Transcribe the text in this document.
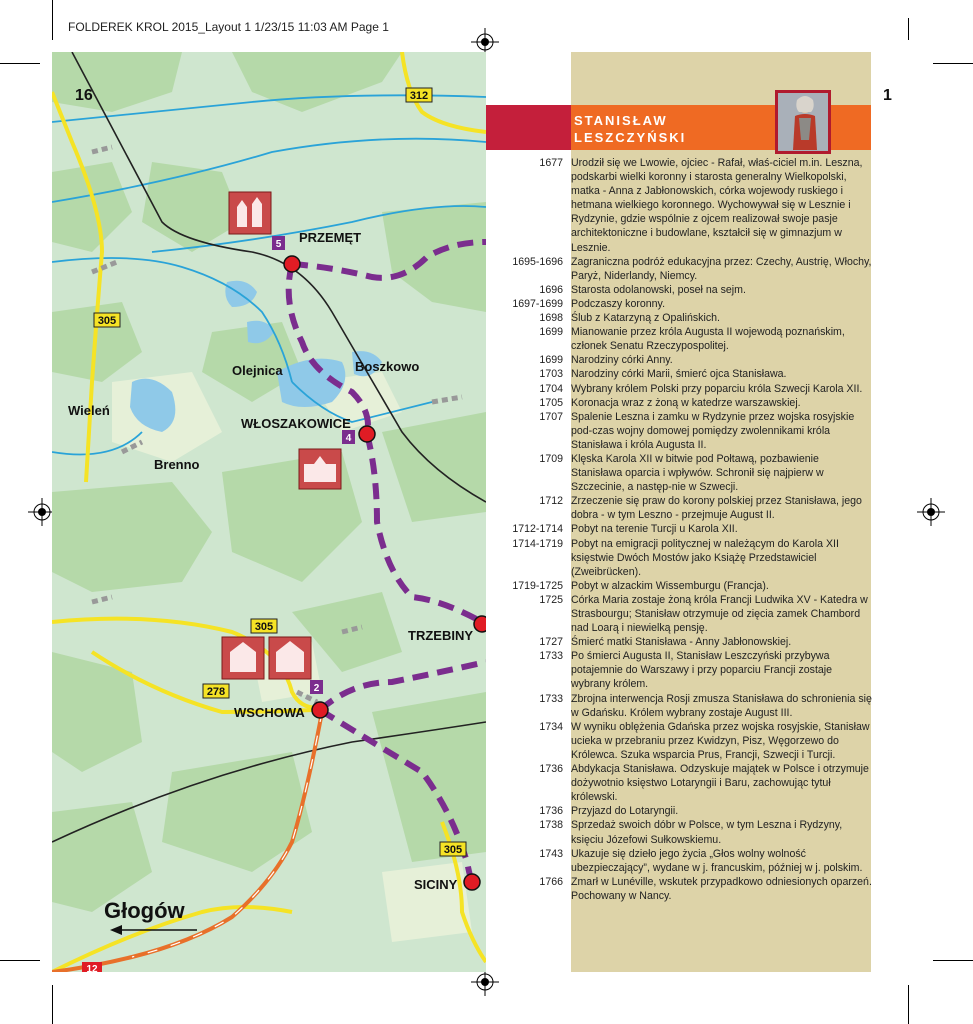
FOLDEREK KROL 2015_Layout 1 1/23/15 11:03 AM Page 1
5
4
2
312
305
305
278
305
12
PRZEMĘT
Olejnica	Boszkowo
Wieleń
WŁOSZAKOWICE
Brenno
TRZEBINY
WSCHOWA
SICINY
Głogów
16
STANISŁAW
LESZCZYŃSKI
1
1677 Urodził się we Lwowie, ojciec - Rafał, właś-ciciel m.in. Leszna, podskarbi wielki koronny i starosta generalny Wielkopolski, matka - Anna z Jabłonowskich, córka wojewody ruskiego i hetmana wielkiego koronnego. Wychowywał się w Lesznie i Rydzynie, gdzie wspólnie z ojcem realizował swoje pasje architektoniczne i budowlane, kształcił się w gimnazjum w Lesznie.
1695-1696 Zagraniczna podróż edukacyjna przez: Czechy, Austrię, Włochy, Paryż, Niderlandy, Niemcy.
1696 Starosta odolanowski, poseł na sejm.
1697-1699 Podczaszy koronny.
1698 Ślub z Katarzyną z Opalińskich.
1699 Mianowanie przez króla Augusta II wojewodą poznańskim, członek Senatu Rzeczypospolitej.
1699 Narodziny córki Anny.
1703 Narodziny córki Marii, śmierć ojca Stanisława.
1704 Wybrany królem Polski przy poparciu króla Szwecji Karola XII.
1705 Koronacja wraz z żoną w katedrze warszawskiej.
1707 Spalenie Leszna i zamku w Rydzynie przez wojska rosyjskie pod-czas wojny domowej pomiędzy zwolennikami króla Stanisława i króla Augusta II.
1709 Klęska Karola XII w bitwie pod Połtawą, pozbawienie Stanisława oparcia i wpływów. Schronił się najpierw w Szczecinie, a następ-nie w Szwecji.
1712 Zrzeczenie się praw do korony polskiej przez Stanisława, jego dobra - w tym Leszno - przejmuje August II.
1712-1714 Pobyt na terenie Turcji u Karola XII.
1714-1719 Pobyt na emigracji politycznej w należącym do Karola XII księstwie Dwóch Mostów jako Książę Przedstawiciel (Zweibrücken).
1719-1725 Pobyt w alzackim Wissemburgu (Francja).
1725 Córka Maria zostaje żoną króla Francji Ludwika XV - Katedra w Strasbourgu; Stanisław otrzymuje od zięcia zamek Chambord nad Loarą i niewielką pensję.
1727 Śmierć matki Stanisława - Anny Jabłonowskiej.
1733 Po śmierci Augusta II, Stanisław Leszczyński przybywa potajemnie do Warszawy i przy poparciu Francji zostaje wybrany królem.
1733 Zbrojna interwencja Rosji zmusza Stanisława do schronienia się w Gdańsku. Królem wybrany zostaje August III.
1734 W wyniku oblężenia Gdańska przez wojska rosyjskie, Stanisław ucieka w przebraniu przez Kwidzyn, Pisz, Węgorzewo do Królewca. Szuka wsparcia Prus, Francji, Szwecji i Turcji.
1736 Abdykacja Stanisława. Odzyskuje majątek w Polsce i otrzymuje dożywotnio księstwo Lotaryngii i Baru, zachowując tytuł królewski.
1736 Przyjazd do Lotaryngii.
1738 Sprzedaż swoich dóbr w Polsce, w tym Leszna i Rydzyny, księciu Józefowi Sułkowskiemu.
1743 Ukazuje się dzieło jego życia „Głos wolny wolność ubezpieczający”, wydane w j. francuskim, później w j. polskim.
1766 Zmarł w Lunéville, wskutek przypadkowo odniesionych oparzeń. Pochowany w Nancy.
